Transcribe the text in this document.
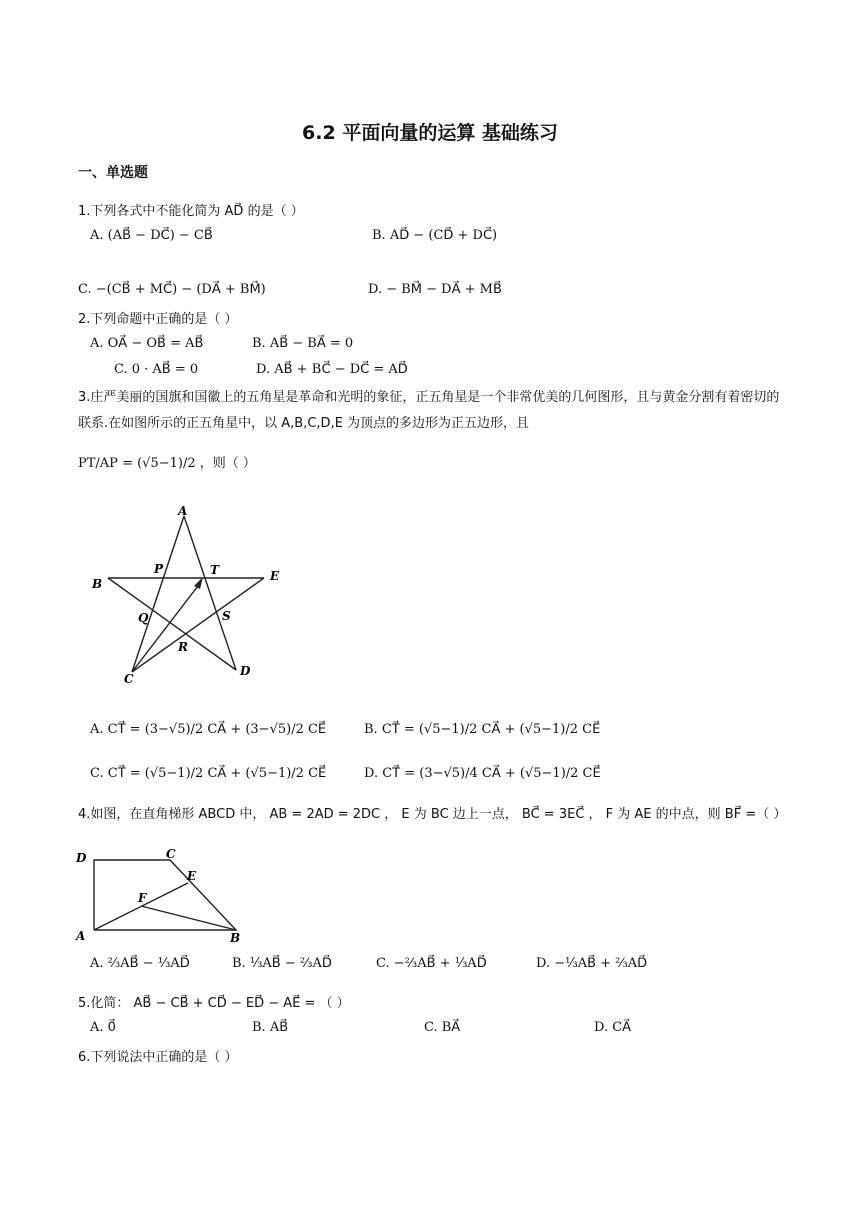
6.2 平面向量的运算 基础练习
一、单选题
1.下列各式中不能化简为 AD⃗ 的是（ ）
A. (AB⃗ − DC⃗) − CB⃗	B. AD⃗ − (CD⃗ + DC⃗)
C. −(CB⃗ + MC⃗) − (DA⃗ + BM⃗)	D. − BM⃗ − DA⃗ + MB⃗
2.下列命题中正确的是（ ）
A. OA⃗ − OB⃗ = AB⃗	B. AB⃗ − BA⃗ = 0
C. 0 · AB⃗ = 0	D. AB⃗ + BC⃗ − DC⃗ = AD⃗
3.庄严美丽的国旗和国徽上的五角星是革命和光明的象征，正五角星是一个非常优美的几何图形，且与黄金分割有着密切的联系.在如图所示的正五角星中，以 A,B,C,D,E 为顶点的多边形为正五边形，且
PT/AP = (√5−1)/2 ，则（ ）
A
B
C
D
E
P	T
Q	S
R
A. CT⃗ = (3−√5)/2 CA⃗ + (3−√5)/2 CE⃗	B. CT⃗ = (√5−1)/2 CA⃗ + (√5−1)/2 CE⃗
C. CT⃗ = (√5−1)/2 CA⃗ + (√5−1)/2 CE⃗	D. CT⃗ = (3−√5)/4 CA⃗ + (√5−1)/2 CE⃗
4.如图，在直角梯形 ABCD 中， AB = 2AD = 2DC ， E 为 BC 边上一点， BC⃗ = 3EC⃗ ， F 为 AE 的中点，则 BF⃗ =（ ）
D	C
E
F
A	B
A. ⅔AB⃗ − ⅓AD⃗	B. ⅓AB⃗ − ⅔AD⃗	C. −⅔AB⃗ + ⅓AD⃗	D. −⅓AB⃗ + ⅔AD⃗
5.化简： AB⃗ − CB⃗ + CD⃗ − ED⃗ − AE⃗ = （ ）
A. 0⃗	B. AB⃗	C. BA⃗	D. CA⃗
6.下列说法中正确的是（ ）
